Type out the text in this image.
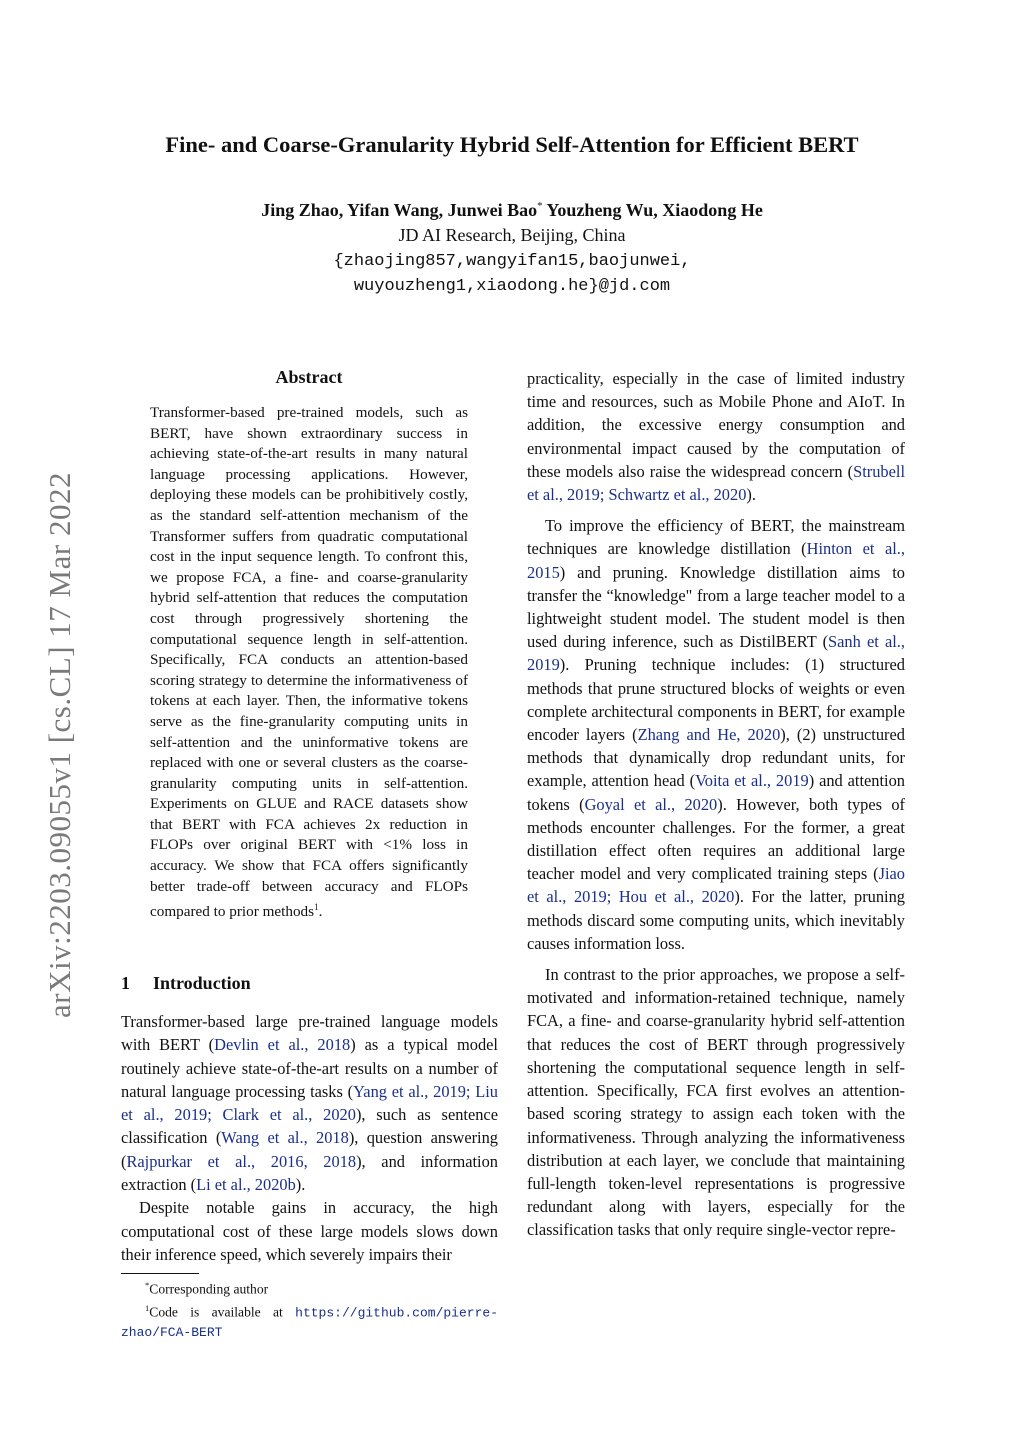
arXiv:2203.09055v1 [cs.CL] 17 Mar 2022
Fine- and Coarse-Granularity Hybrid Self-Attention for Efficient BERT
Jing Zhao, Yifan Wang, Junwei Bao* Youzheng Wu, Xiaodong He
JD AI Research, Beijing, China
{zhaojing857,wangyifan15,baojunwei,
wuyouzheng1,xiaodong.he}@jd.com
Abstract
Transformer-based pre-trained models, such as BERT, have shown extraordinary success in achieving state-of-the-art results in many natural language processing applications. However, deploying these models can be prohibitively costly, as the standard self-attention mechanism of the Transformer suffers from quadratic computational cost in the input sequence length. To confront this, we propose FCA, a fine- and coarse-granularity hybrid self-attention that reduces the computation cost through progressively shortening the computational sequence length in self-attention. Specifically, FCA conducts an attention-based scoring strategy to determine the informativeness of tokens at each layer. Then, the informative tokens serve as the fine-granularity computing units in self-attention and the uninformative tokens are replaced with one or several clusters as the coarse-granularity computing units in self-attention. Experiments on GLUE and RACE datasets show that BERT with FCA achieves 2x reduction in FLOPs over original BERT with <1% loss in accuracy. We show that FCA offers significantly better trade-off between accuracy and FLOPs compared to prior methods$^1$.
1 Introduction

Transformer-based large pre-trained language models with BERT (Devlin et al., 2018) as a typical model routinely achieve state-of-the-art results on a number of natural language processing tasks (Yang et al., 2019; Liu et al., 2019; Clark et al., 2020), such as sentence classification (Wang et al., 2018), question answering (Rajpurkar et al., 2016, 2018), and information extraction (Li et al., 2020b).

Despite notable gains in accuracy, the high computational cost of these large models slows down their inference speed, which severely impairs their

*Corresponding author
$^1$Code is available at https://github.com/pierre-zhao/FCA-BERT

practicality, especially in the case of limited industry time and resources, such as Mobile Phone and AIoT. In addition, the excessive energy consumption and environmental impact caused by the computation of these models also raise the widespread concern (Strubell et al., 2019; Schwartz et al., 2020).

To improve the efficiency of BERT, the mainstream techniques are knowledge distillation (Hinton et al., 2015) and pruning. Knowledge distillation aims to transfer the “knowledge" from a large teacher model to a lightweight student model. The student model is then used during inference, such as DistilBERT (Sanh et al., 2019). Pruning technique includes: (1) structured methods that prune structured blocks of weights or even complete architectural components in BERT, for example encoder layers (Zhang and He, 2020), (2) unstructured methods that dynamically drop redundant units, for example, attention head (Voita et al., 2019) and attention tokens (Goyal et al., 2020). However, both types of methods encounter challenges. For the former, a great distillation effect often requires an additional large teacher model and very complicated training steps (Jiao et al., 2019; Hou et al., 2020). For the latter, pruning methods discard some computing units, which inevitably causes information loss.

In contrast to the prior approaches, we propose a self-motivated and information-retained technique, namely FCA, a fine- and coarse-granularity hybrid self-attention that reduces the cost of BERT through progressively shortening the computational sequence length in self-attention. Specifically, FCA first evolves an attention-based scoring strategy to assign each token with the informativeness. Through analyzing the informativeness distribution at each layer, we conclude that maintaining full-length token-level representations is progressive redundant along with layers, especially for the classification tasks that only require single-vector repre-
